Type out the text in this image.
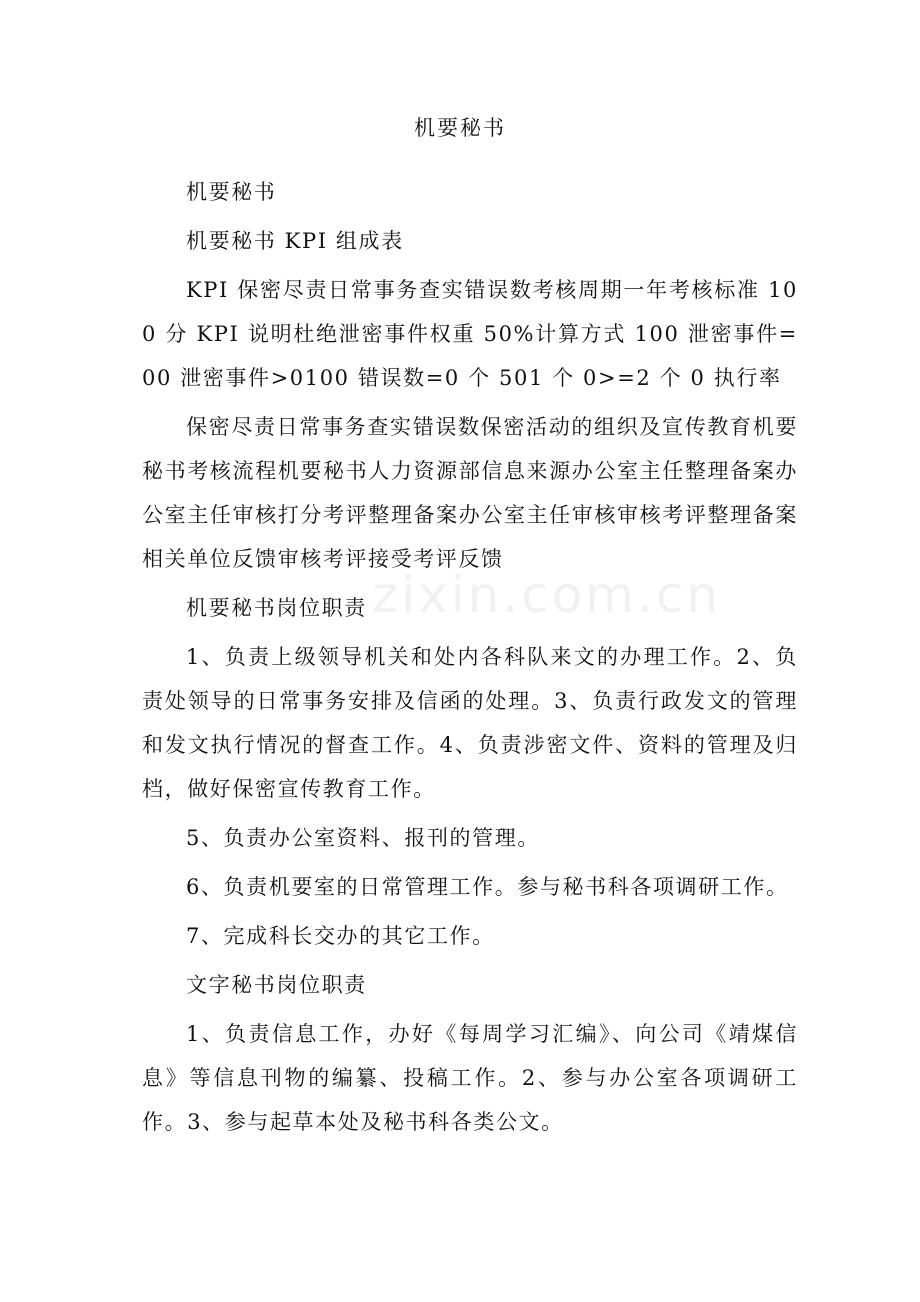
机要秘书

机要秘书

机要秘书 KPI 组成表

KPI 保密尽责日常事务查实错误数考核周期一年考核标准 100 分 KPI 说明杜绝泄密事件权重 50%计算方式 100 泄密事件=00 泄密事件>0100 错误数=0 个 501 个 0>=2 个 0 执行率

保密尽责日常事务查实错误数保密活动的组织及宣传教育机要秘书考核流程机要秘书人力资源部信息来源办公室主任整理备案办公室主任审核打分考评整理备案办公室主任审核审核考评整理备案相关单位反馈审核考评接受考评反馈

机要秘书岗位职责

1、负责上级领导机关和处内各科队来文的办理工作。2、负责处领导的日常事务安排及信函的处理。3、负责行政发文的管理和发文执行情况的督查工作。4、负责涉密文件、资料的管理及归档，做好保密宣传教育工作。

5、负责办公室资料、报刊的管理。

6、负责机要室的日常管理工作。参与秘书科各项调研工作。

7、完成科长交办的其它工作。

文字秘书岗位职责

1、负责信息工作，办好《每周学习汇编》、向公司《靖煤信息》等信息刊物的编纂、投稿工作。2、参与办公室各项调研工作。3、参与起草本处及秘书科各类公文。

zixin.com.cn
